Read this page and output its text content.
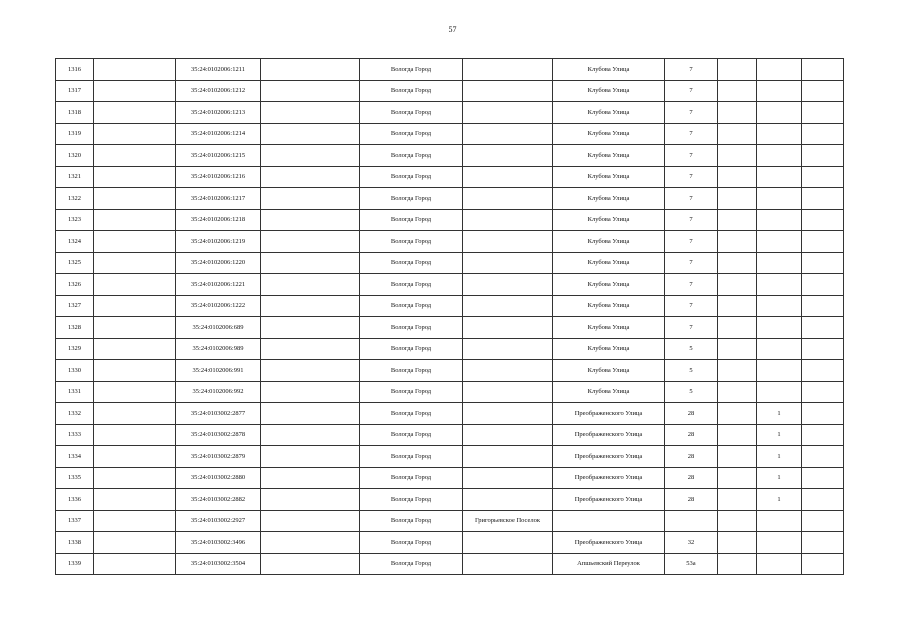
57
1316		35:24:0102006:1211		Вологда Город		Клубова Улица	7			
1317		35:24:0102006:1212		Вологда Город		Клубова Улица	7			
1318		35:24:0102006:1213		Вологда Город		Клубова Улица	7			
1319		35:24:0102006:1214		Вологда Город		Клубова Улица	7			
1320		35:24:0102006:1215		Вологда Город		Клубова Улица	7			
1321		35:24:0102006:1216		Вологда Город		Клубова Улица	7			
1322		35:24:0102006:1217		Вологда Город		Клубова Улица	7			
1323		35:24:0102006:1218		Вологда Город		Клубова Улица	7			
1324		35:24:0102006:1219		Вологда Город		Клубова Улица	7			
1325		35:24:0102006:1220		Вологда Город		Клубова Улица	7			
1326		35:24:0102006:1221		Вологда Город		Клубова Улица	7			
1327		35:24:0102006:1222		Вологда Город		Клубова Улица	7			
1328		35:24:0102006:689		Вологда Город		Клубова Улица	7			
1329		35:24:0102006:989		Вологда Город		Клубова Улица	5			
1330		35:24:0102006:991		Вологда Город		Клубова Улица	5			
1331		35:24:0102006:992		Вологда Город		Клубова Улица	5			
1332		35:24:0103002:2877		Вологда Город		Преображенского Улица	28		1	
1333		35:24:0103002:2878		Вологда Город		Преображенского Улица	28		1	
1334		35:24:0103002:2879		Вологда Город		Преображенского Улица	28		1	
1335		35:24:0103002:2880		Вологда Город		Преображенского Улица	28		1	
1336		35:24:0103002:2882		Вологда Город		Преображенского Улица	28		1	
1337		35:24:0103002:2927		Вологда Город	Григорьевское Поселок					
1338		35:24:0103002:3496		Вологда Город		Преображенского Улица	32			
1339		35:24:0103002:3504		Вологда Город		Апшьевский Переулок	53а			
